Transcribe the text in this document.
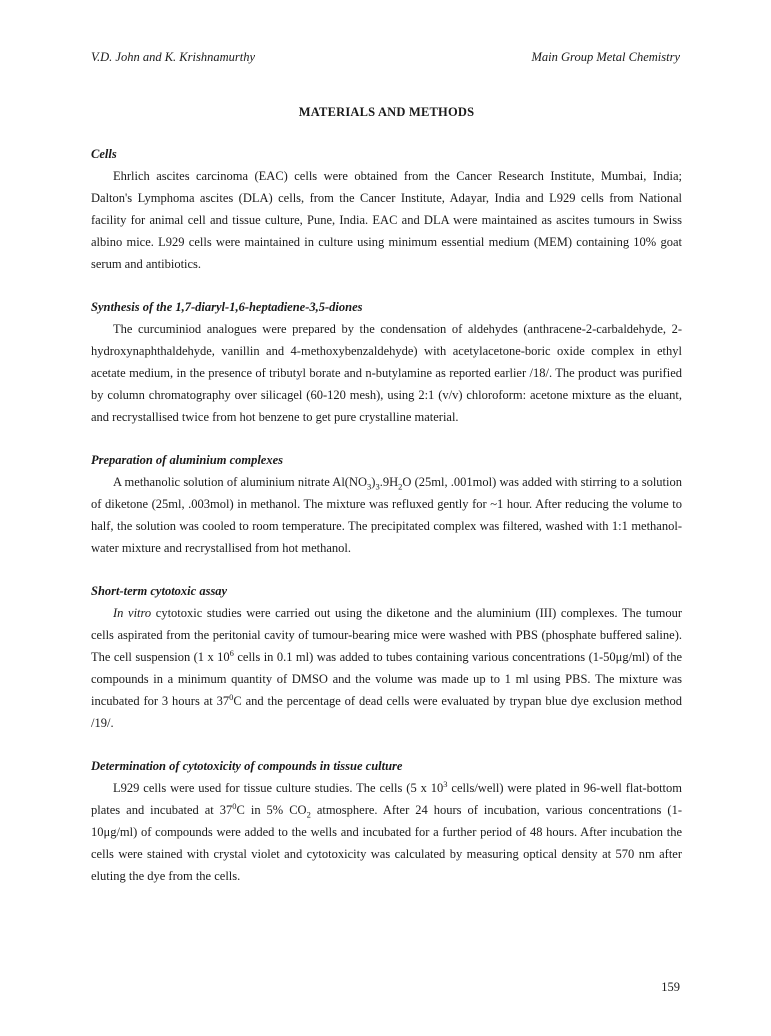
V.D. John and K. Krishnamurthy	Main Group Metal Chemistry
MATERIALS AND METHODS

Cells

Ehrlich ascites carcinoma (EAC) cells were obtained from the Cancer Research Institute, Mumbai, India; Dalton's Lymphoma ascites (DLA) cells, from the Cancer Institute, Adayar, India and L929 cells from National facility for animal cell and tissue culture, Pune, India. EAC and DLA were maintained as ascites tumours in Swiss albino mice. L929 cells were maintained in culture using minimum essential medium (MEM) containing 10% goat serum and antibiotics.

Synthesis of the 1,7-diaryl-1,6-heptadiene-3,5-diones

The curcuminiod analogues were prepared by the condensation of aldehydes (anthracene-2-carbaldehyde, 2-hydroxynaphthaldehyde, vanillin and 4-methoxybenzaldehyde) with acetylacetone-boric oxide complex in ethyl acetate medium, in the presence of tributyl borate and n-butylamine as reported earlier /18/. The product was purified by column chromatography over silicagel (60-120 mesh), using 2:1 (v/v) chloroform: acetone mixture as the eluant, and recrystallised twice from hot benzene to get pure crystalline material.

Preparation of aluminium complexes

A methanolic solution of aluminium nitrate $Al(NO_3)_3.9H_2O$ (25ml, .001mol) was added with stirring to a solution of diketone (25ml, .003mol) in methanol. The mixture was refluxed gently for ~1 hour. After reducing the volume to half, the solution was cooled to room temperature. The precipitated complex was filtered, washed with 1:1 methanol-water mixture and recrystallised from hot methanol.

Short-term cytotoxic assay

In vitro cytotoxic studies were carried out using the diketone and the aluminium (III) complexes. The tumour cells aspirated from the peritonial cavity of tumour-bearing mice were washed with PBS (phosphate buffered saline). The cell suspension (1 x $10^6$ cells in 0.1 ml) was added to tubes containing various concentrations (1-50μg/ml) of the compounds in a minimum quantity of DMSO and the volume was made up to 1 ml using PBS. The mixture was incubated for 3 hours at $37^0C$ and the percentage of dead cells were evaluated by trypan blue dye exclusion method /19/.

Determination of cytotoxicity of compounds in tissue culture

L929 cells were used for tissue culture studies. The cells (5 x $10^3$ cells/well) were plated in 96-well flat-bottom plates and incubated at $37^0C$ in 5% $CO_2$ atmosphere. After 24 hours of incubation, various concentrations (1-10μg/ml) of compounds were added to the wells and incubated for a further period of 48 hours. After incubation the cells were stained with crystal violet and cytotoxicity was calculated by measuring optical density at 570 nm after eluting the dye from the cells.

159
